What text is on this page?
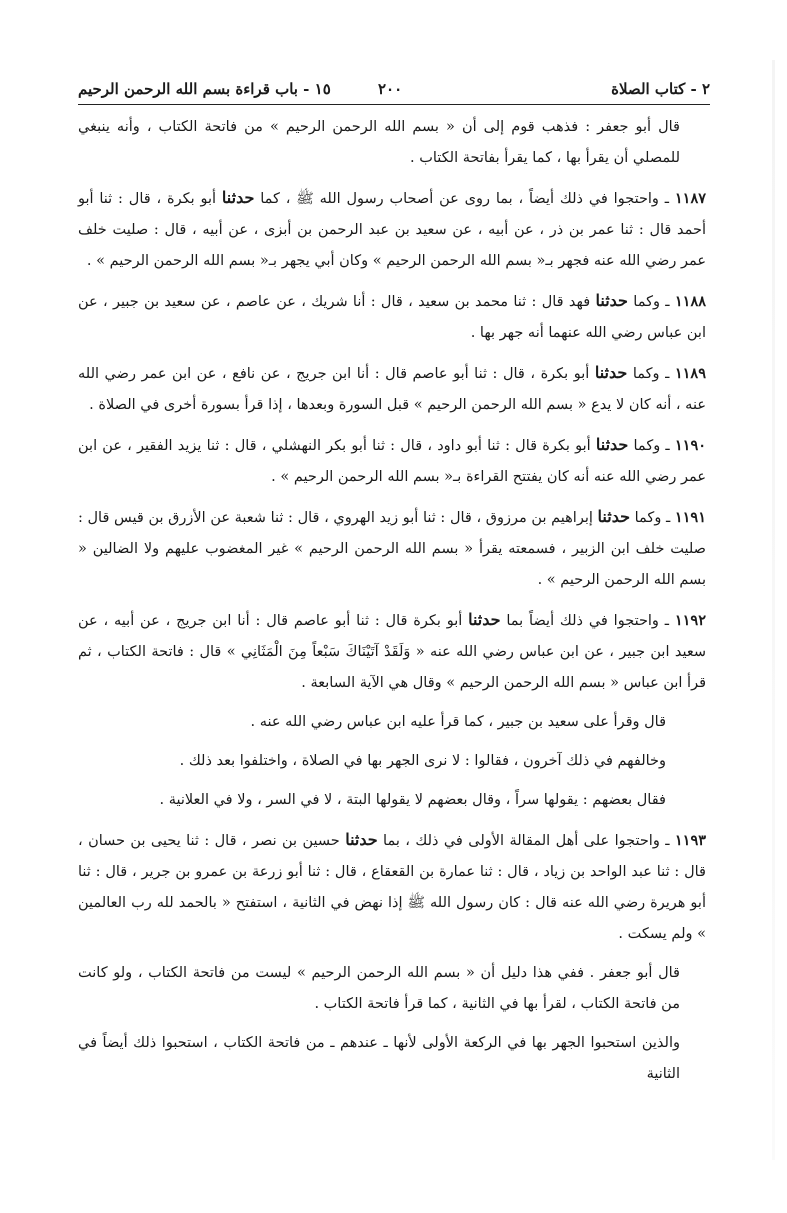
٢ - كتاب الصلاة
٢٠٠
١٥ - باب قراءة بسم الله الرحمن الرحيم

قال أبو جعفر : فذهب قوم إلى أن « بسم الله الرحمن الرحيم » من فاتحة الكتاب ، وأنه ينبغي للمصلي أن يقرأ بها ، كما يقرأ بفاتحة الكتاب .

١١٨٧ ـ واحتجوا في ذلك أيضاً ، بما روى عن أصحاب رسول الله ﷺ ، كما حدثنا أبو بكرة ، قال : ثنا أبو أحمد قال : ثنا عمر بن ذر ، عن أبيه ، عن سعيد بن عبد الرحمن بن أبزى ، عن أبيه ، قال : صليت خلف عمر رضي الله عنه فجهر بـ« بسم الله الرحمن الرحيم » وكان أبي يجهر بـ« بسم الله الرحمن الرحيم » .

١١٨٨ ـ وكما حدثنا فهد قال : ثنا محمد بن سعيد ، قال : أنا شريك ، عن عاصم ، عن سعيد بن جبير ، عن ابن عباس رضي الله عنهما أنه جهر بها .

١١٨٩ ـ وكما حدثنا أبو بكرة ، قال : ثنا أبو عاصم قال : أنا ابن جريج ، عن نافع ، عن ابن عمر رضي الله عنه ، أنه كان لا يدع « بسم الله الرحمن الرحيم » قبل السورة وبعدها ، إذا قرأ بسورة أخرى في الصلاة .

١١٩٠ ـ وكما حدثنا أبو بكرة قال : ثنا أبو داود ، قال : ثنا أبو بكر النهشلي ، قال : ثنا يزيد الفقير ، عن ابن عمر رضي الله عنه أنه كان يفتتح القراءة بـ« بسم الله الرحمن الرحيم » .

١١٩١ ـ وكما حدثنا إبراهيم بن مرزوق ، قال : ثنا أبو زيد الهروي ، قال : ثنا شعبة عن الأزرق بن قيس قال : صليت خلف ابن الزبير ، فسمعته يقرأ « بسم الله الرحمن الرحيم » غير المغضوب عليهم ولا الضالين « بسم الله الرحمن الرحيم » .

١١٩٢ ـ واحتجوا في ذلك أيضاً بما حدثنا أبو بكرة قال : ثنا أبو عاصم قال : أنا ابن جريج ، عن أبيه ، عن سعيد ابن جبير ، عن ابن عباس رضي الله عنه « وَلَقَدْ آتَيْنَاكَ سَبْعاً مِنَ الْمَثَانِي » قال : فاتحة الكتاب ، ثم قرأ ابن عباس « بسم الله الرحمن الرحيم » وقال هي الآية السابعة .

قال وقرأ على سعيد بن جبير ، كما قرأ عليه ابن عباس رضي الله عنه .

وخالفهم في ذلك آخرون ، فقالوا : لا نرى الجهر بها في الصلاة ، واختلفوا بعد ذلك .

فقال بعضهم : يقولها سراً ، وقال بعضهم لا يقولها البتة ، لا في السر ، ولا في العلانية .

١١٩٣ ـ واحتجوا على أهل المقالة الأولى في ذلك ، بما حدثنا حسين بن نصر ، قال : ثنا يحيى بن حسان ، قال : ثنا عبد الواحد بن زياد ، قال : ثنا عمارة بن القعقاع ، قال : ثنا أبو زرعة بن عمرو بن جرير ، قال : ثنا أبو هريرة رضي الله عنه قال : كان رسول الله ﷺ إذا نهض في الثانية ، استفتح « بالحمد لله رب العالمين » ولم يسكت .

قال أبو جعفر . ففي هذا دليل أن « بسم الله الرحمن الرحيم » ليست من فاتحة الكتاب ، ولو كانت من فاتحة الكتاب ، لقرأ بها في الثانية ، كما قرأ فاتحة الكتاب .

والذين استحبوا الجهر بها في الركعة الأولى لأنها ـ عندهم ـ من فاتحة الكتاب ، استحبوا ذلك أيضاً في الثانية
